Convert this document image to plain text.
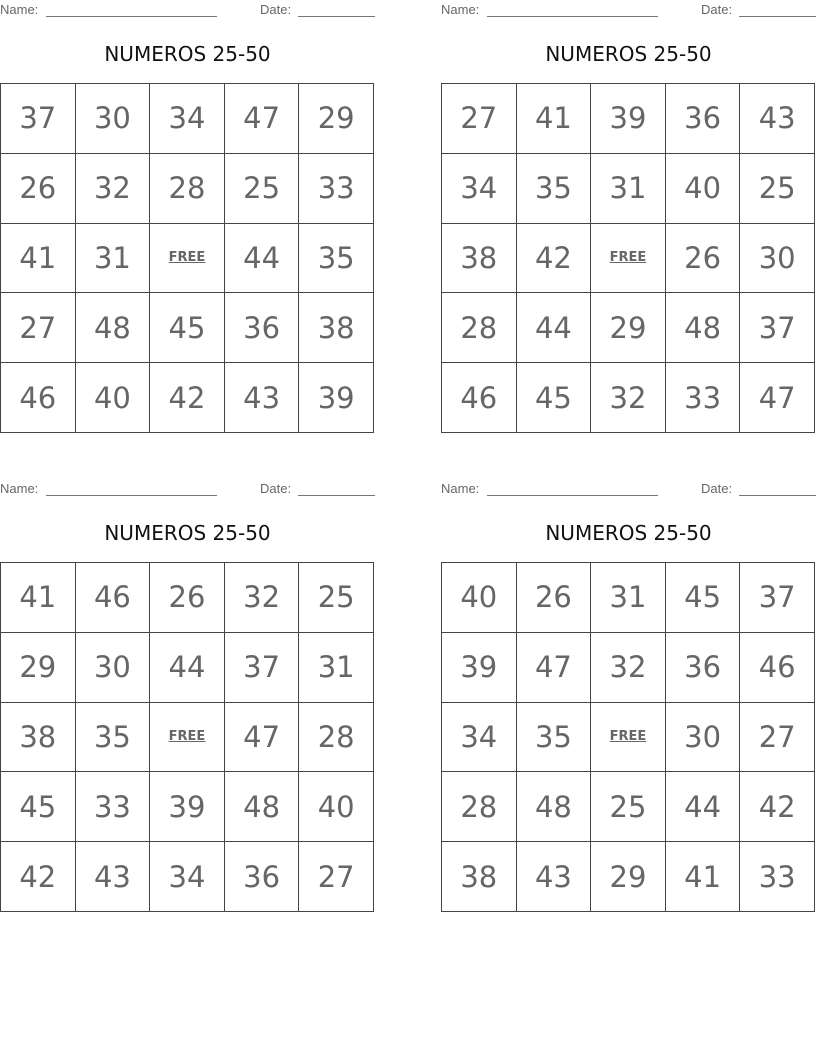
Name:	Date:
NUMEROS 25-50
37	30	34	47	29
26	32	28	25	33
41	31	FREE	44	35
27	48	45	36	38
46	40	42	43	39
Name:	Date:
NUMEROS 25-50
27	41	39	36	43
34	35	31	40	25
38	42	FREE	26	30
28	44	29	48	37
46	45	32	33	47
Name:	Date:
NUMEROS 25-50
41	46	26	32	25
29	30	44	37	31
38	35	FREE	47	28
45	33	39	48	40
42	43	34	36	27
Name:	Date:
NUMEROS 25-50
40	26	31	45	37
39	47	32	36	46
34	35	FREE	30	27
28	48	25	44	42
38	43	29	41	33
